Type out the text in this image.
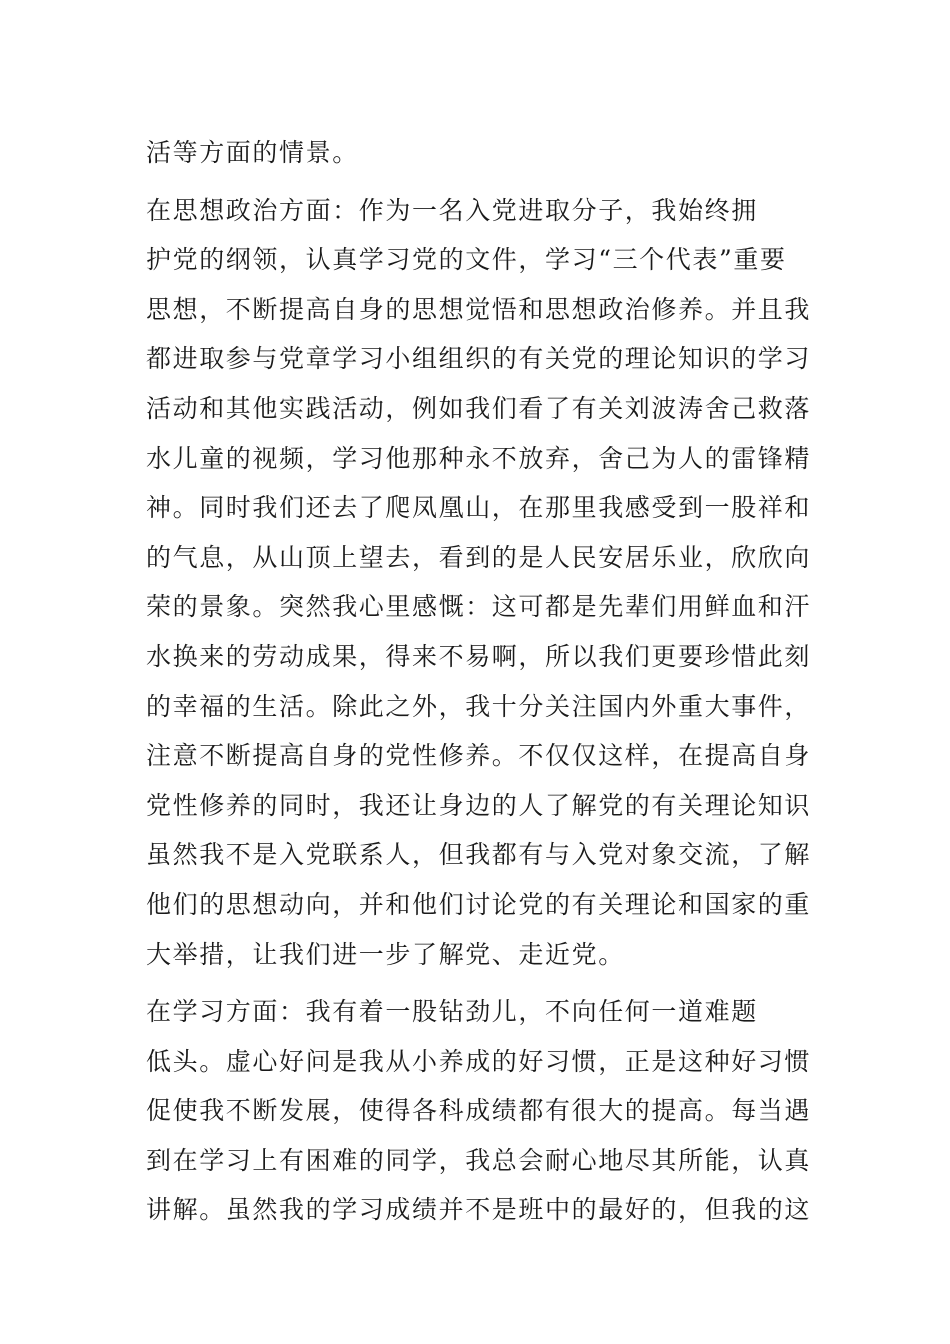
活等方面的情景。
在思想政治方面：作为一名入党进取分子，我始终拥
护党的纲领，认真学习党的文件，学习“三个代表”重要
思想，不断提高自身的思想觉悟和思想政治修养。并且我
都进取参与党章学习小组组织的有关党的理论知识的学习
活动和其他实践活动，例如我们看了有关刘波涛舍己救落
水儿童的视频，学习他那种永不放弃，舍己为人的雷锋精
神。同时我们还去了爬凤凰山，在那里我感受到一股祥和
的气息，从山顶上望去，看到的是人民安居乐业，欣欣向
荣的景象。突然我心里感慨：这可都是先辈们用鲜血和汗
水换来的劳动成果，得来不易啊，所以我们更要珍惜此刻
的幸福的生活。除此之外，我十分关注国内外重大事件，
注意不断提高自身的党性修养。不仅仅这样，在提高自身
党性修养的同时，我还让身边的人了解党的有关理论知识
虽然我不是入党联系人，但我都有与入党对象交流，了解
他们的思想动向，并和他们讨论党的有关理论和国家的重
大举措，让我们进一步了解党、走近党。
在学习方面：我有着一股钻劲儿，不向任何一道难题
低头。虚心好问是我从小养成的好习惯，正是这种好习惯
促使我不断发展，使得各科成绩都有很大的提高。每当遇
到在学习上有困难的同学，我总会耐心地尽其所能，认真
讲解。虽然我的学习成绩并不是班中的最好的，但我的这
